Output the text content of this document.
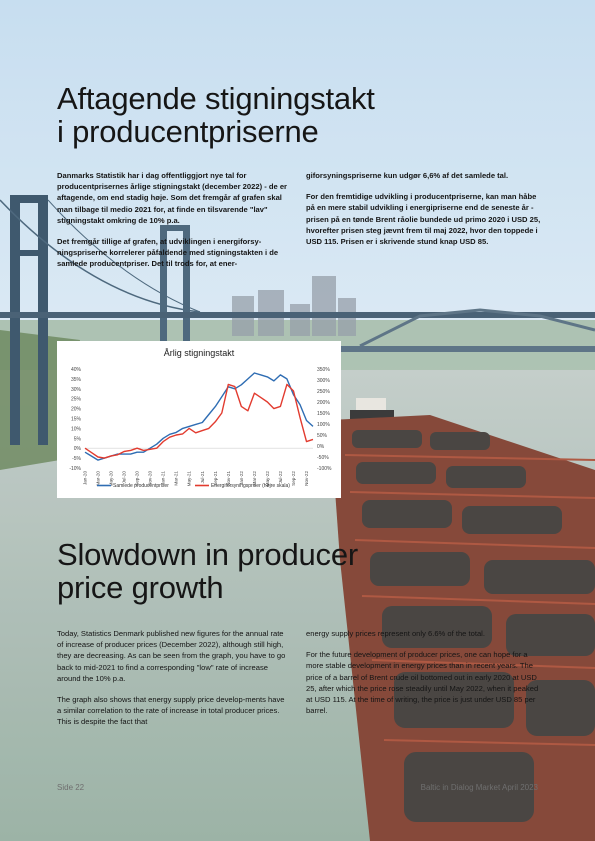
Aftagende stigningstakt
i producentpriserne

Danmarks Statistik har i dag offentliggjort nye tal for producentprisernes årlige stigningstakt (december 2022) - de er aftagende, om end stadig høje. Som det fremgår af grafen skal man tilbage til medio 2021 for, at finde en tilsvarende "lav" stigningstakt omkring de 10% p.a.

Det fremgår tillige af grafen, at udviklingen i energiforsy-ningspriserne korrelerer påfaldende med stigningstakten i de samlede producentpriser. Det til trods for, at ener-

giforsyningspriserne kun udgør 6,6% af det samlede tal.

For den fremtidige udvikling i producentpriserne, kan man håbe på en mere stabil udvikling i energipriserne end de seneste år - prisen på en tønde Brent råolie bundede ud primo 2020 i USD 25, hvorefter prisen steg jævnt frem til maj 2022, hvor den toppede i USD 115. Prisen er i skrivende stund knap USD 85.

Årlig stigningstakt
-10%
-5%
0%
5%
10%
15%
20%
25%
30%
35%
40%
-100%
-50%
0%
50%
100%
150%
200%
250%
300%
350%
Jan-20 Mar-20 May-20 Jul-20 Sep-20 Nov-20 Jan-21 Mar-21 May-21 Jul-21 Sep-21 Nov-21 Jan-22 Mar-22 May-22 Jul-22 Sep-22 Nov-22
Samlede producentpriser	Energiforsyningspriser (højre skala)
Slowdown in producer
price growth

Today, Statistics Denmark published new figures for the annual rate of increase of producer prices (December 2022), although still high, they are decreasing. As can be seen from the graph, you have to go back to mid-2021 to find a corresponding "low" rate of increase around the 10% p.a.

The graph also shows that energy supply price develop-ments have a similar correlation to the rate of increase in total producer prices. This is despite the fact that

energy supply prices represent only 6.6% of the total.

For the future development of producer prices, one can hope for a more stable development in energy prices than in recent years. The price of a barrel of Brent crude oil bottomed out in early 2020 at USD 25, after which the price rose steadily until May 2022, when it peaked at USD 115. At the time of writing, the price is just under USD 85 per barrel.

Side 22	Baltic in Dialog Market April 2023
